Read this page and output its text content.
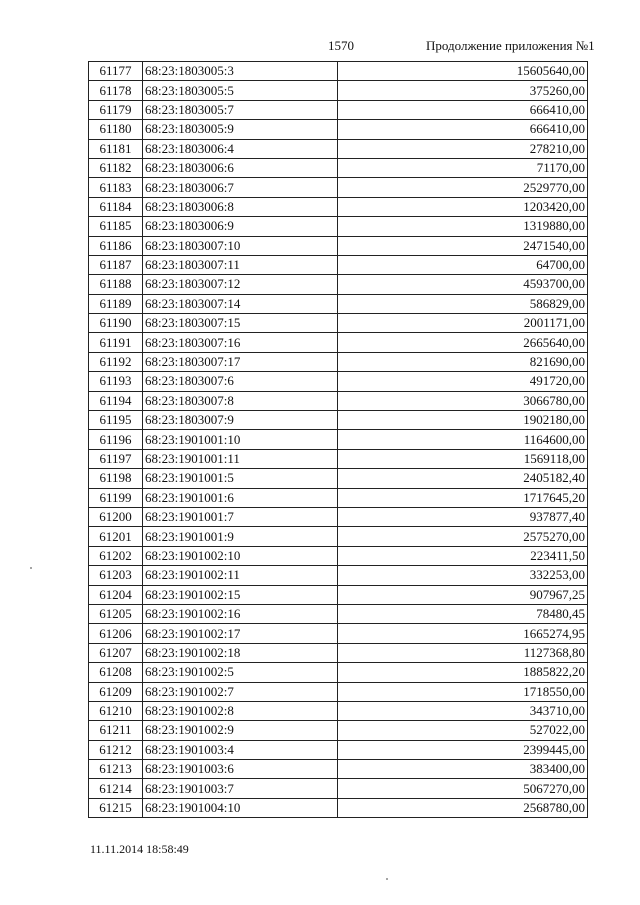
1570	Продолжение приложения №1
61177	68:23:1803005:3	15605640,00
61178	68:23:1803005:5	375260,00
61179	68:23:1803005:7	666410,00
61180	68:23:1803005:9	666410,00
61181	68:23:1803006:4	278210,00
61182	68:23:1803006:6	71170,00
61183	68:23:1803006:7	2529770,00
61184	68:23:1803006:8	1203420,00
61185	68:23:1803006:9	1319880,00
61186	68:23:1803007:10	2471540,00
61187	68:23:1803007:11	64700,00
61188	68:23:1803007:12	4593700,00
61189	68:23:1803007:14	586829,00
61190	68:23:1803007:15	2001171,00
61191	68:23:1803007:16	2665640,00
61192	68:23:1803007:17	821690,00
61193	68:23:1803007:6	491720,00
61194	68:23:1803007:8	3066780,00
61195	68:23:1803007:9	1902180,00
61196	68:23:1901001:10	1164600,00
61197	68:23:1901001:11	1569118,00
61198	68:23:1901001:5	2405182,40
61199	68:23:1901001:6	1717645,20
61200	68:23:1901001:7	937877,40
61201	68:23:1901001:9	2575270,00
61202	68:23:1901002:10	223411,50
61203	68:23:1901002:11	332253,00
61204	68:23:1901002:15	907967,25
61205	68:23:1901002:16	78480,45
61206	68:23:1901002:17	1665274,95
61207	68:23:1901002:18	1127368,80
61208	68:23:1901002:5	1885822,20
61209	68:23:1901002:7	1718550,00
61210	68:23:1901002:8	343710,00
61211	68:23:1901002:9	527022,00
61212	68:23:1901003:4	2399445,00
61213	68:23:1901003:6	383400,00
61214	68:23:1901003:7	5067270,00
61215	68:23:1901004:10	2568780,00
11.11.2014 18:58:49
